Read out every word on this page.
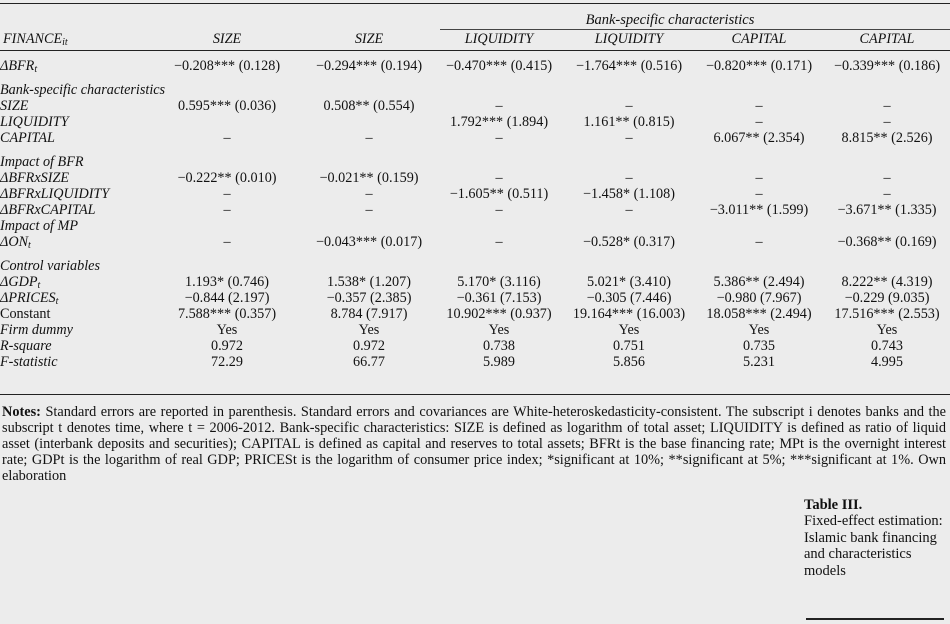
Bank-specific characteristics
$FINANCE_{it}$	SIZE	SIZE	LIQUIDITY	LIQUIDITY	CAPITAL	CAPITAL
$\Delta BFR_t$	−0.208*** (0.128)	−0.294*** (0.194)	−0.470*** (0.415)	−1.764*** (0.516)	−0.820*** (0.171)	−0.339*** (0.186)

Bank-specific characteristics						
SIZE	0.595*** (0.036)	0.508** (0.554)	–	–	–	–
LIQUIDITY			1.792*** (1.894)	1.161** (0.815)	–	–
CAPITAL	–	–	–	–	6.067** (2.354)	8.815** (2.526)

Impact of BFR						
ΔBFRxSIZE	−0.222** (0.010)	−0.021** (0.159)	–	–	–	–
ΔBFRxLIQUIDITY	–	–	−1.605** (0.511)	−1.458* (1.108)	–	–
ΔBFRxCAPITAL	–	–	–	–	−3.011** (1.599)	−3.671** (1.335)
Impact of MP						
$\Delta ON_t$	–	−0.043*** (0.017)	–	−0.528* (0.317)	–	−0.368** (0.169)

Control variables						
$\Delta GDP_t$	1.193* (0.746)	1.538* (1.207)	5.170* (3.116)	5.021* (3.410)	5.386** (2.494)	8.222** (4.319)
$\Delta PRICES_t$	−0.844 (2.197)	−0.357 (2.385)	−0.361 (7.153)	−0.305 (7.446)	−0.980 (7.967)	−0.229 (9.035)
Constant	7.588*** (0.357)	8.784 (7.917)	10.902*** (0.937)	19.164*** (16.003)	18.058*** (2.494)	17.516*** (2.553)
Firm dummy	Yes	Yes	Yes	Yes	Yes	Yes
R-square	0.972	0.972	0.738	0.751	0.735	0.743
F-statistic	72.29	66.77	5.989	5.856	5.231	4.995
Notes: Standard errors are reported in parenthesis. Standard errors and covariances are White-heteroskedasticity-consistent. The subscript i denotes banks and the subscript t denotes time, where t = 2006-2012. Bank-specific characteristics: SIZE is defined as logarithm of total asset; LIQUIDITY is defined as ratio of liquid asset (interbank deposits and securities); CAPITAL is defined as capital and reserves to total assets; BFRt is the base financing rate; MPt is the overnight interest rate; GDPt is the logarithm of real GDP; PRICESt is the logarithm of consumer price index; *significant at 10%; **significant at 5%; ***significant at 1%. Own elaboration
Table III.
Fixed-effect estimation: Islamic bank financing and characteristics models
